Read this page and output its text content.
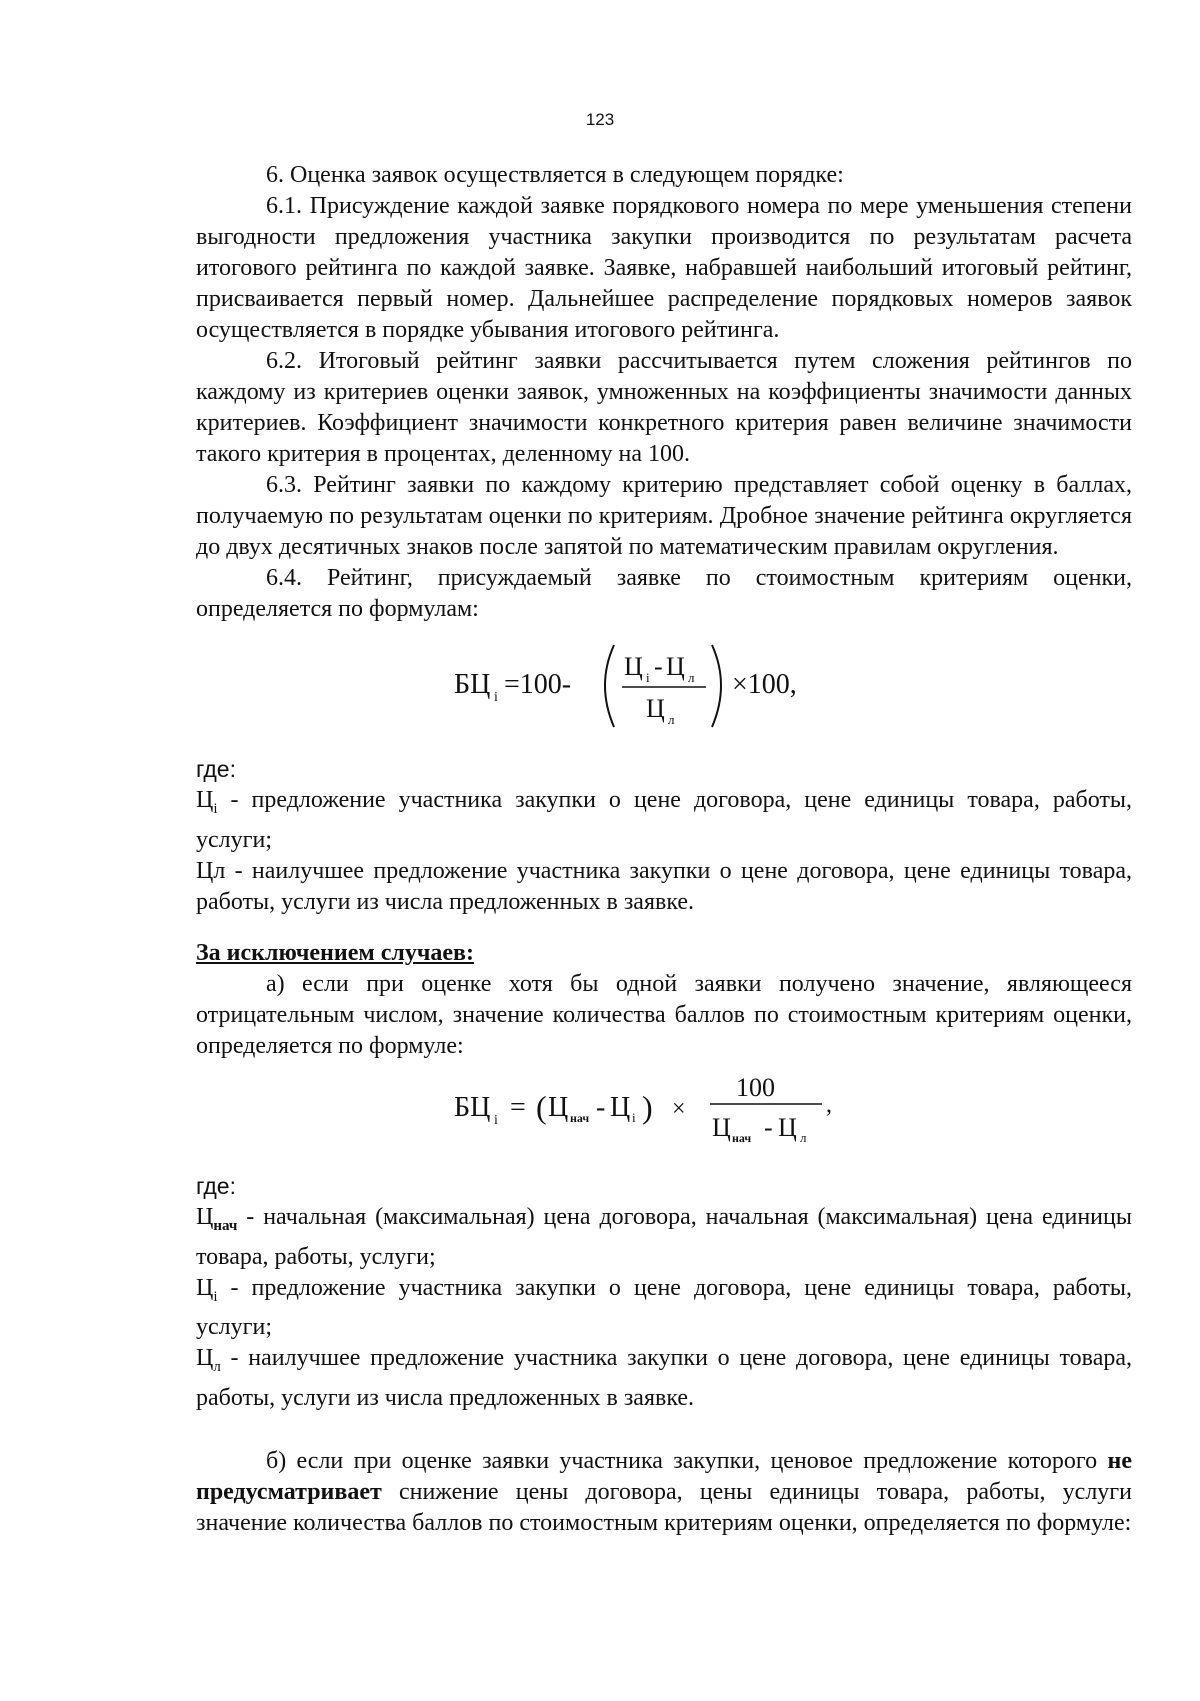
123

6. Оценка заявок осуществляется в следующем порядке:

6.1. Присуждение каждой заявке порядкового номера по мере уменьшения степени выгодности предложения участника закупки производится по результатам расчета итогового рейтинга по каждой заявке. Заявке, набравшей наибольший итоговый рейтинг, присваивается первый номер. Дальнейшее распределение порядковых номеров заявок осуществляется в порядке убывания итогового рейтинга.

6.2. Итоговый рейтинг заявки рассчитывается путем сложения рейтингов по каждому из критериев оценки заявок, умноженных на коэффициенты значимости данных критериев. Коэффициент значимости конкретного критерия равен величине значимости такого критерия в процентах, деленному на 100.

6.3. Рейтинг заявки по каждому критерию представляет собой оценку в баллах, получаемую по результатам оценки по критериям. Дробное значение рейтинга округляется до двух десятичных знаков после запятой по математическим правилам округления.

6.4. Рейтинг, присуждаемый заявке по стоимостным критериям оценки, определяется по формулам:

БЦ i =100-
Ц i - Ц л
Ц л
×100,

где:

$Ц_i$ - предложение участника закупки о цене договора, цене единицы товара, работы, услуги;

Цл - наилучшее предложение участника закупки о цене договора, цене единицы товара, работы, услуги из числа предложенных в заявке.

За исключением случаев:

а) если при оценке хотя бы одной заявки получено значение, являющееся отрицательным числом, значение количества баллов по стоимостным критериям оценки, определяется по формуле:

БЦ i = ( Ц нач - Ц i ) ×
100
Ц нач - Ц л
,

где:

$Ц_{нач}$ - начальная (максимальная) цена договора, начальная (максимальная) цена единицы товара, работы, услуги;

$Ц_i$ - предложение участника закупки о цене договора, цене единицы товара, работы, услуги;

$Ц_л$ - наилучшее предложение участника закупки о цене договора, цене единицы товара, работы, услуги из числа предложенных в заявке.

б) если при оценке заявки участника закупки, ценовое предложение которого не предусматривает снижение цены договора, цены единицы товара, работы, услуги значение количества баллов по стоимостным критериям оценки, определяется по формуле:
